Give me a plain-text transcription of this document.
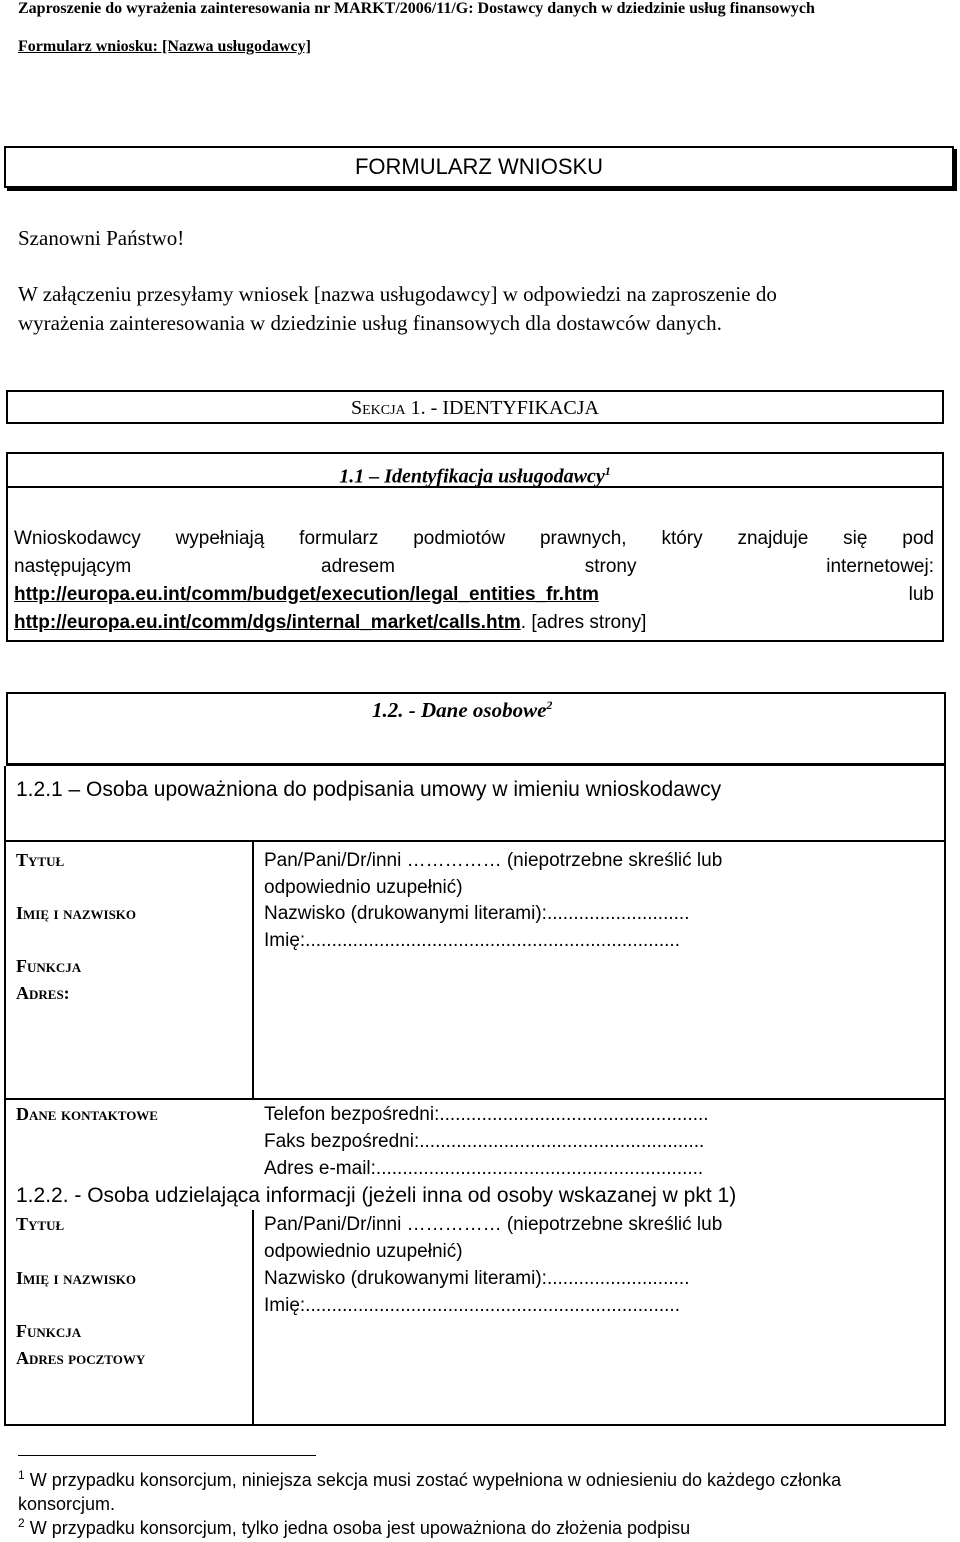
Zaproszenie do wyrażenia zainteresowania nr MARKT/2006/11/G: Dostawcy danych w dziedzinie usług finansowych
Formularz wniosku: [Nazwa usługodawcy]
FORMULARZ WNIOSKU
Szanowni Państwo!
W załączeniu przesyłamy wniosek [nazwa usługodawcy] w odpowiedzi na zaproszenie do
wyrażenia zainteresowania w dziedzinie usług finansowych dla dostawców danych.
Sekcja 1. - IDENTYFIKACJA
1.1 – Identyfikacja usługodawcy$^1$
Wnioskodawcy wypełniają formularz podmiotów prawnych, który znajduje się pod
następującym adresem strony internetowej:
http://europa.eu.int/comm/budget/execution/legal_entities_fr.htm	lub
http://europa.eu.int/comm/dgs/internal_market/calls.htm. [adres strony]
1.2. - Dane osobowe$^2$
1.2.1 – Osoba upoważniona do podpisania umowy w imieniu wnioskodawcy
Tytuł
Imię i nazwisko
Funkcja
Adres:
Pan/Pani/Dr/inni …………… (niepotrzebne skreślić lub
odpowiednio uzupełnić)
Nazwisko (drukowanymi literami):...........................
Imię:.......................................................................
Dane kontaktowe	Telefon bezpośredni:...................................................
Faks bezpośredni:......................................................
Adres e-mail:..............................................................
1.2.2. - Osoba udzielająca informacji (jeżeli inna od osoby wskazanej w pkt 1)
Tytuł
Imię i nazwisko
Funkcja
Adres pocztowy
Pan/Pani/Dr/inni …………… (niepotrzebne skreślić lub
odpowiednio uzupełnić)
Nazwisko (drukowanymi literami):...........................
Imię:.......................................................................
$^1$ W przypadku konsorcjum, niniejsza sekcja musi zostać wypełniona w odniesieniu do każdego członka
konsorcjum.
$^2$ W przypadku konsorcjum, tylko jedna osoba jest upoważniona do złożenia podpisu
